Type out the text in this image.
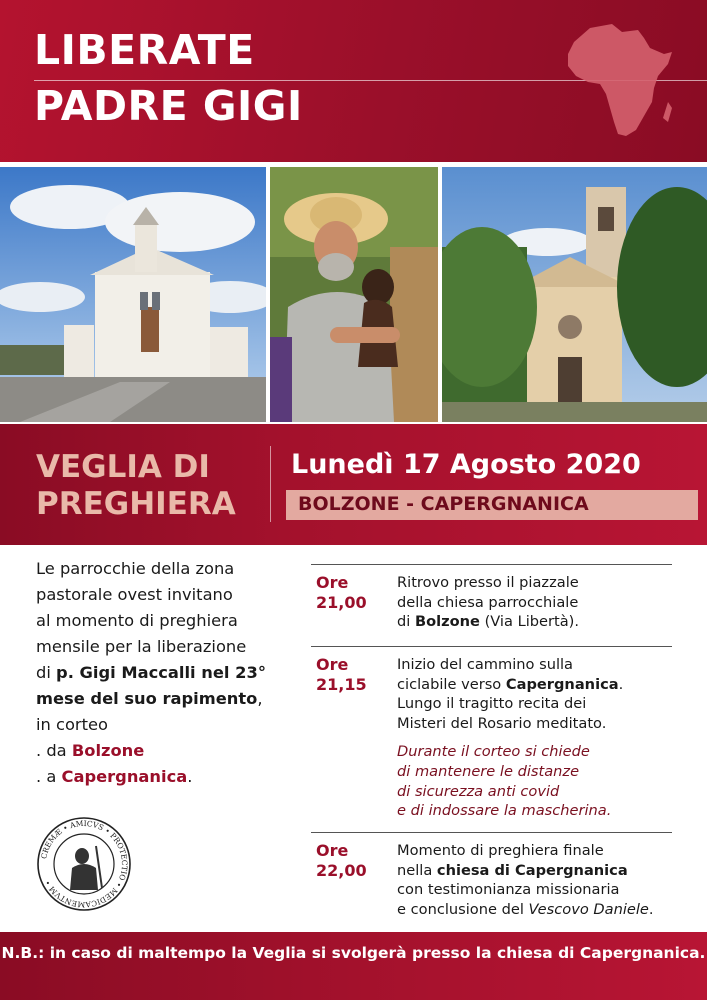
LIBERATE
PADRE GIGI
VEGLIA DI
PREGHIERA
Lunedì 17 Agosto 2020
BOLZONE - CAPERGNANICA
Le parrocchie della zona
pastorale ovest invitano
al momento di preghiera
mensile per la liberazione
di p. Gigi Maccalli nel 23°
mese del suo rapimento,
in corteo
. da Bolzone
. a Capergnanica.
CREMÆ • AMICVS • PROTECTIO • MEDICAMENTVM •
Ore
21,00
Ritrovo presso il piazzale
della chiesa parrocchiale
di Bolzone (Via Libertà).
Ore
21,15
Inizio del cammino sulla
ciclabile verso Capergnanica.
Lungo il tragitto recita dei
Misteri del Rosario meditato.
Durante il corteo si chiede
di mantenere le distanze
di sicurezza anti covid
e di indossare la mascherina.
Ore
22,00
Momento di preghiera finale
nella chiesa di Capergnanica
con testimonianza missionaria
e conclusione del Vescovo Daniele.
N.B.: in caso di maltempo la Veglia si svolgerà presso la chiesa di Capergnanica.
